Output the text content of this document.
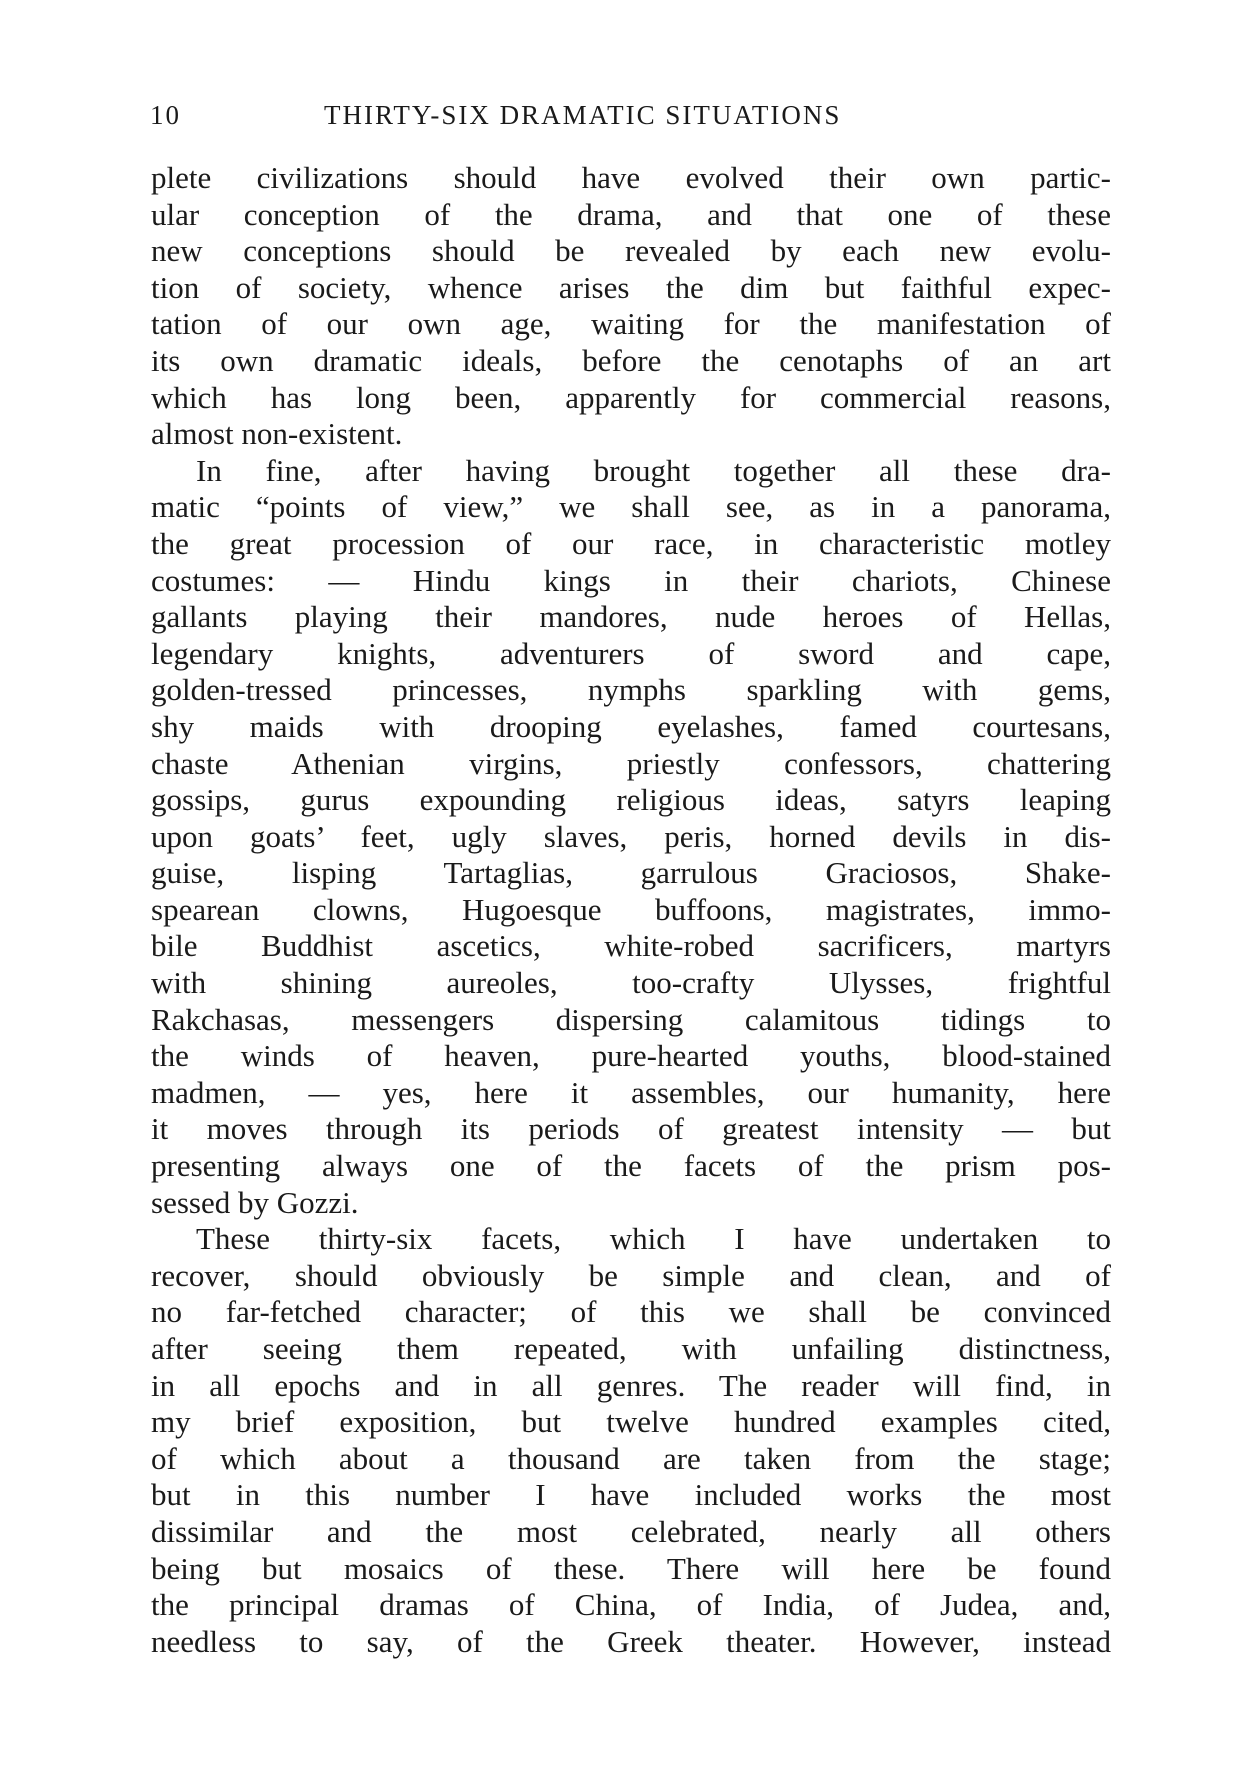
10	THIRTY-SIX DRAMATIC SITUATIONS
plete civilizations should have evolved their own partic-
ular conception of the drama, and that one of these
new conceptions should be revealed by each new evolu-
tion of society, whence arises the dim but faithful expec-
tation of our own age, waiting for the manifestation of
its own dramatic ideals, before the cenotaphs of an art
which has long been, apparently for commercial reasons,
almost non-existent.
In fine, after having brought together all these dra-
matic “points of view,” we shall see, as in a panorama,
the great procession of our race, in characteristic motley
costumes: — Hindu kings in their chariots, Chinese
gallants playing their mandores, nude heroes of Hellas,
legendary knights, adventurers of sword and cape,
golden-tressed princesses, nymphs sparkling with gems,
shy maids with drooping eyelashes, famed courtesans,
chaste Athenian virgins, priestly confessors, chattering
gossips, gurus expounding religious ideas, satyrs leaping
upon goats’ feet, ugly slaves, peris, horned devils in dis-
guise, lisping Tartaglias, garrulous Graciosos, Shake-
spearean clowns, Hugoesque buffoons, magistrates, immo-
bile Buddhist ascetics, white-robed sacrificers, martyrs
with shining aureoles, too-crafty Ulysses, frightful
Rakchasas, messengers dispersing calamitous tidings to
the winds of heaven, pure-hearted youths, blood-stained
madmen, — yes, here it assembles, our humanity, here
it moves through its periods of greatest intensity — but
presenting always one of the facets of the prism pos-
sessed by Gozzi.
These thirty-six facets, which I have undertaken to
recover, should obviously be simple and clean, and of
no far-fetched character; of this we shall be convinced
after seeing them repeated, with unfailing distinctness,
in all epochs and in all genres. The reader will find, in
my brief exposition, but twelve hundred examples cited,
of which about a thousand are taken from the stage;
but in this number I have included works the most
dissimilar and the most celebrated, nearly all others
being but mosaics of these. There will here be found
the principal dramas of China, of India, of Judea, and,
needless to say, of the Greek theater. However, instead
